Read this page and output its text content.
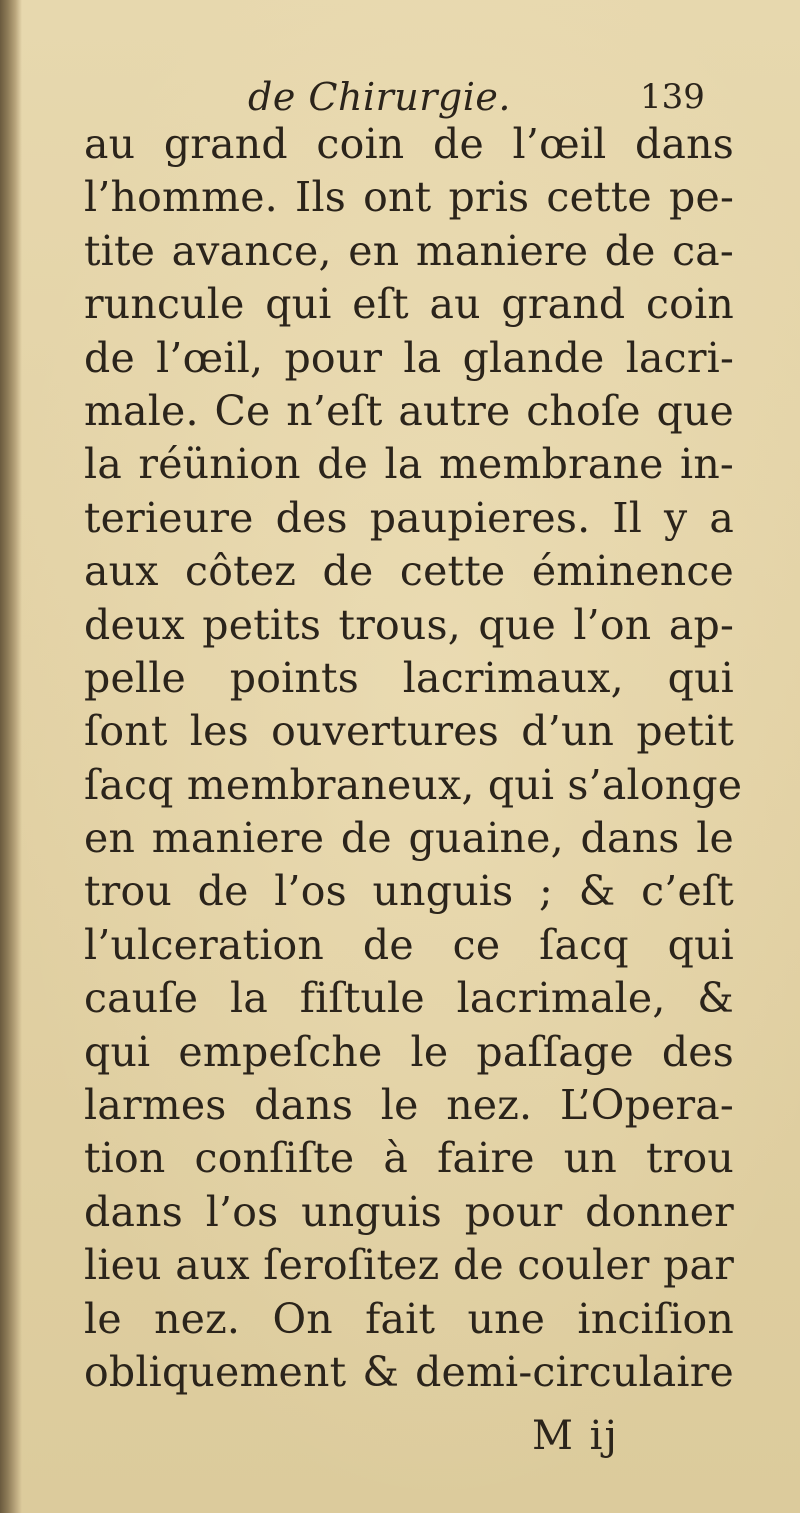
de Chirurgie.	139
au grand coin de l’œil dans
l’homme. Ils ont pris cette pe-
tite avance, en maniere de ca-
runcule qui eſt au grand coin
de l’œil, pour la glande lacri-
male. Ce n’eſt autre choſe que
la réünion de la membrane in-
terieure des paupieres. Il y a
aux côtez de cette éminence
deux petits trous, que l’on ap-
pelle points lacrimaux, qui
ſont les ouvertures d’un petit
ſacq membraneux, qui s’alonge
en maniere de guaine, dans le
trou de l’os unguis ; & c’eſt
l’ulceration de ce ſacq qui
cauſe la fiſtule lacrimale, &
qui empeſche le paſſage des
larmes dans le nez. L’Opera-
tion conſiſte à faire un trou
dans l’os unguis pour donner
lieu aux ſeroſitez de couler par
le nez. On fait une inciſion
obliquement & demi-circulaire
M ij
